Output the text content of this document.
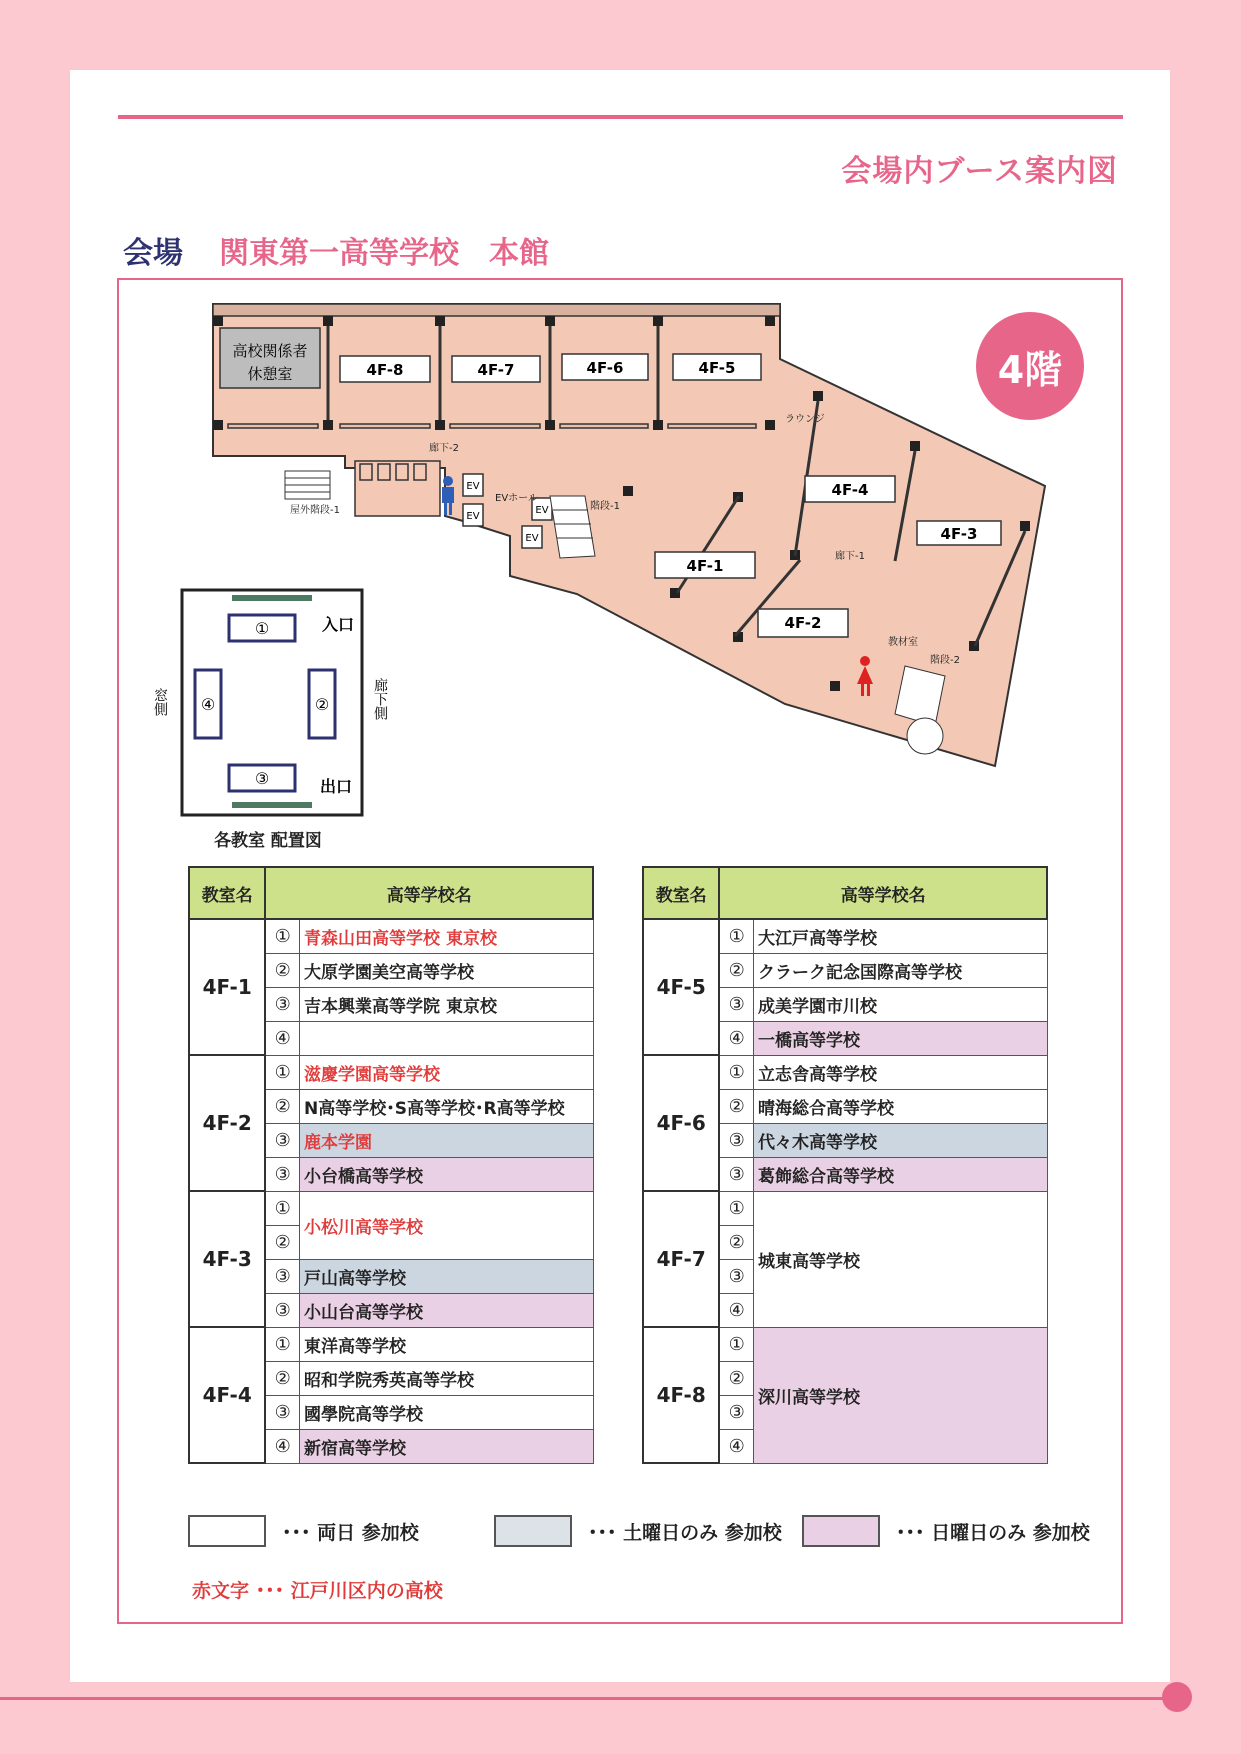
会場内ブース案内図
会場 関東第一高等学校　本館
4階
高校関係者
休憩室	4F-8	4F-7	4F-6	4F-5
4F-4
4F-3
4F-1
4F-2
EV
EV
EV
EV
廊下-2
屋外階段-1
EVホール
階段-1
ラウンジ
廊下-1
教材室
階段-2
①
②
③
④
入口
出口
窓側	廊下側
各教室 配置図
教室名	高等学校名	
4F-1	①	青森山田高等学校 東京校
	②	大原学園美空高等学校
	③	吉本興業高等学院 東京校
	④	
4F-2	①	滋慶学園高等学校
	②	N高等学校･S高等学校･R高等学校
	③	鹿本学園
	③	小台橋高等学校
4F-3	①	小松川高等学校
	②	
	③	戸山高等学校
	③	小山台高等学校
4F-4	①	東洋高等学校
	②	昭和学院秀英高等学校
	③	國學院高等学校
	④	新宿高等学校
教室名	高等学校名	
4F-5	①	大江戸高等学校
	②	クラーク記念国際高等学校
	③	成美学園市川校
	④	一橋高等学校
4F-6	①	立志舎高等学校
	②	晴海総合高等学校
	③	代々木高等学校
	③	葛飾総合高等学校
4F-7	①	城東高等学校
	②	
	③	
	④	
4F-8	①	深川高等学校
	②	
	③	
	④	
･･･ 両日 参加校	･･･ 土曜日のみ 参加校	･･･ 日曜日のみ 参加校
赤文字 ･･･ 江戸川区内の高校
